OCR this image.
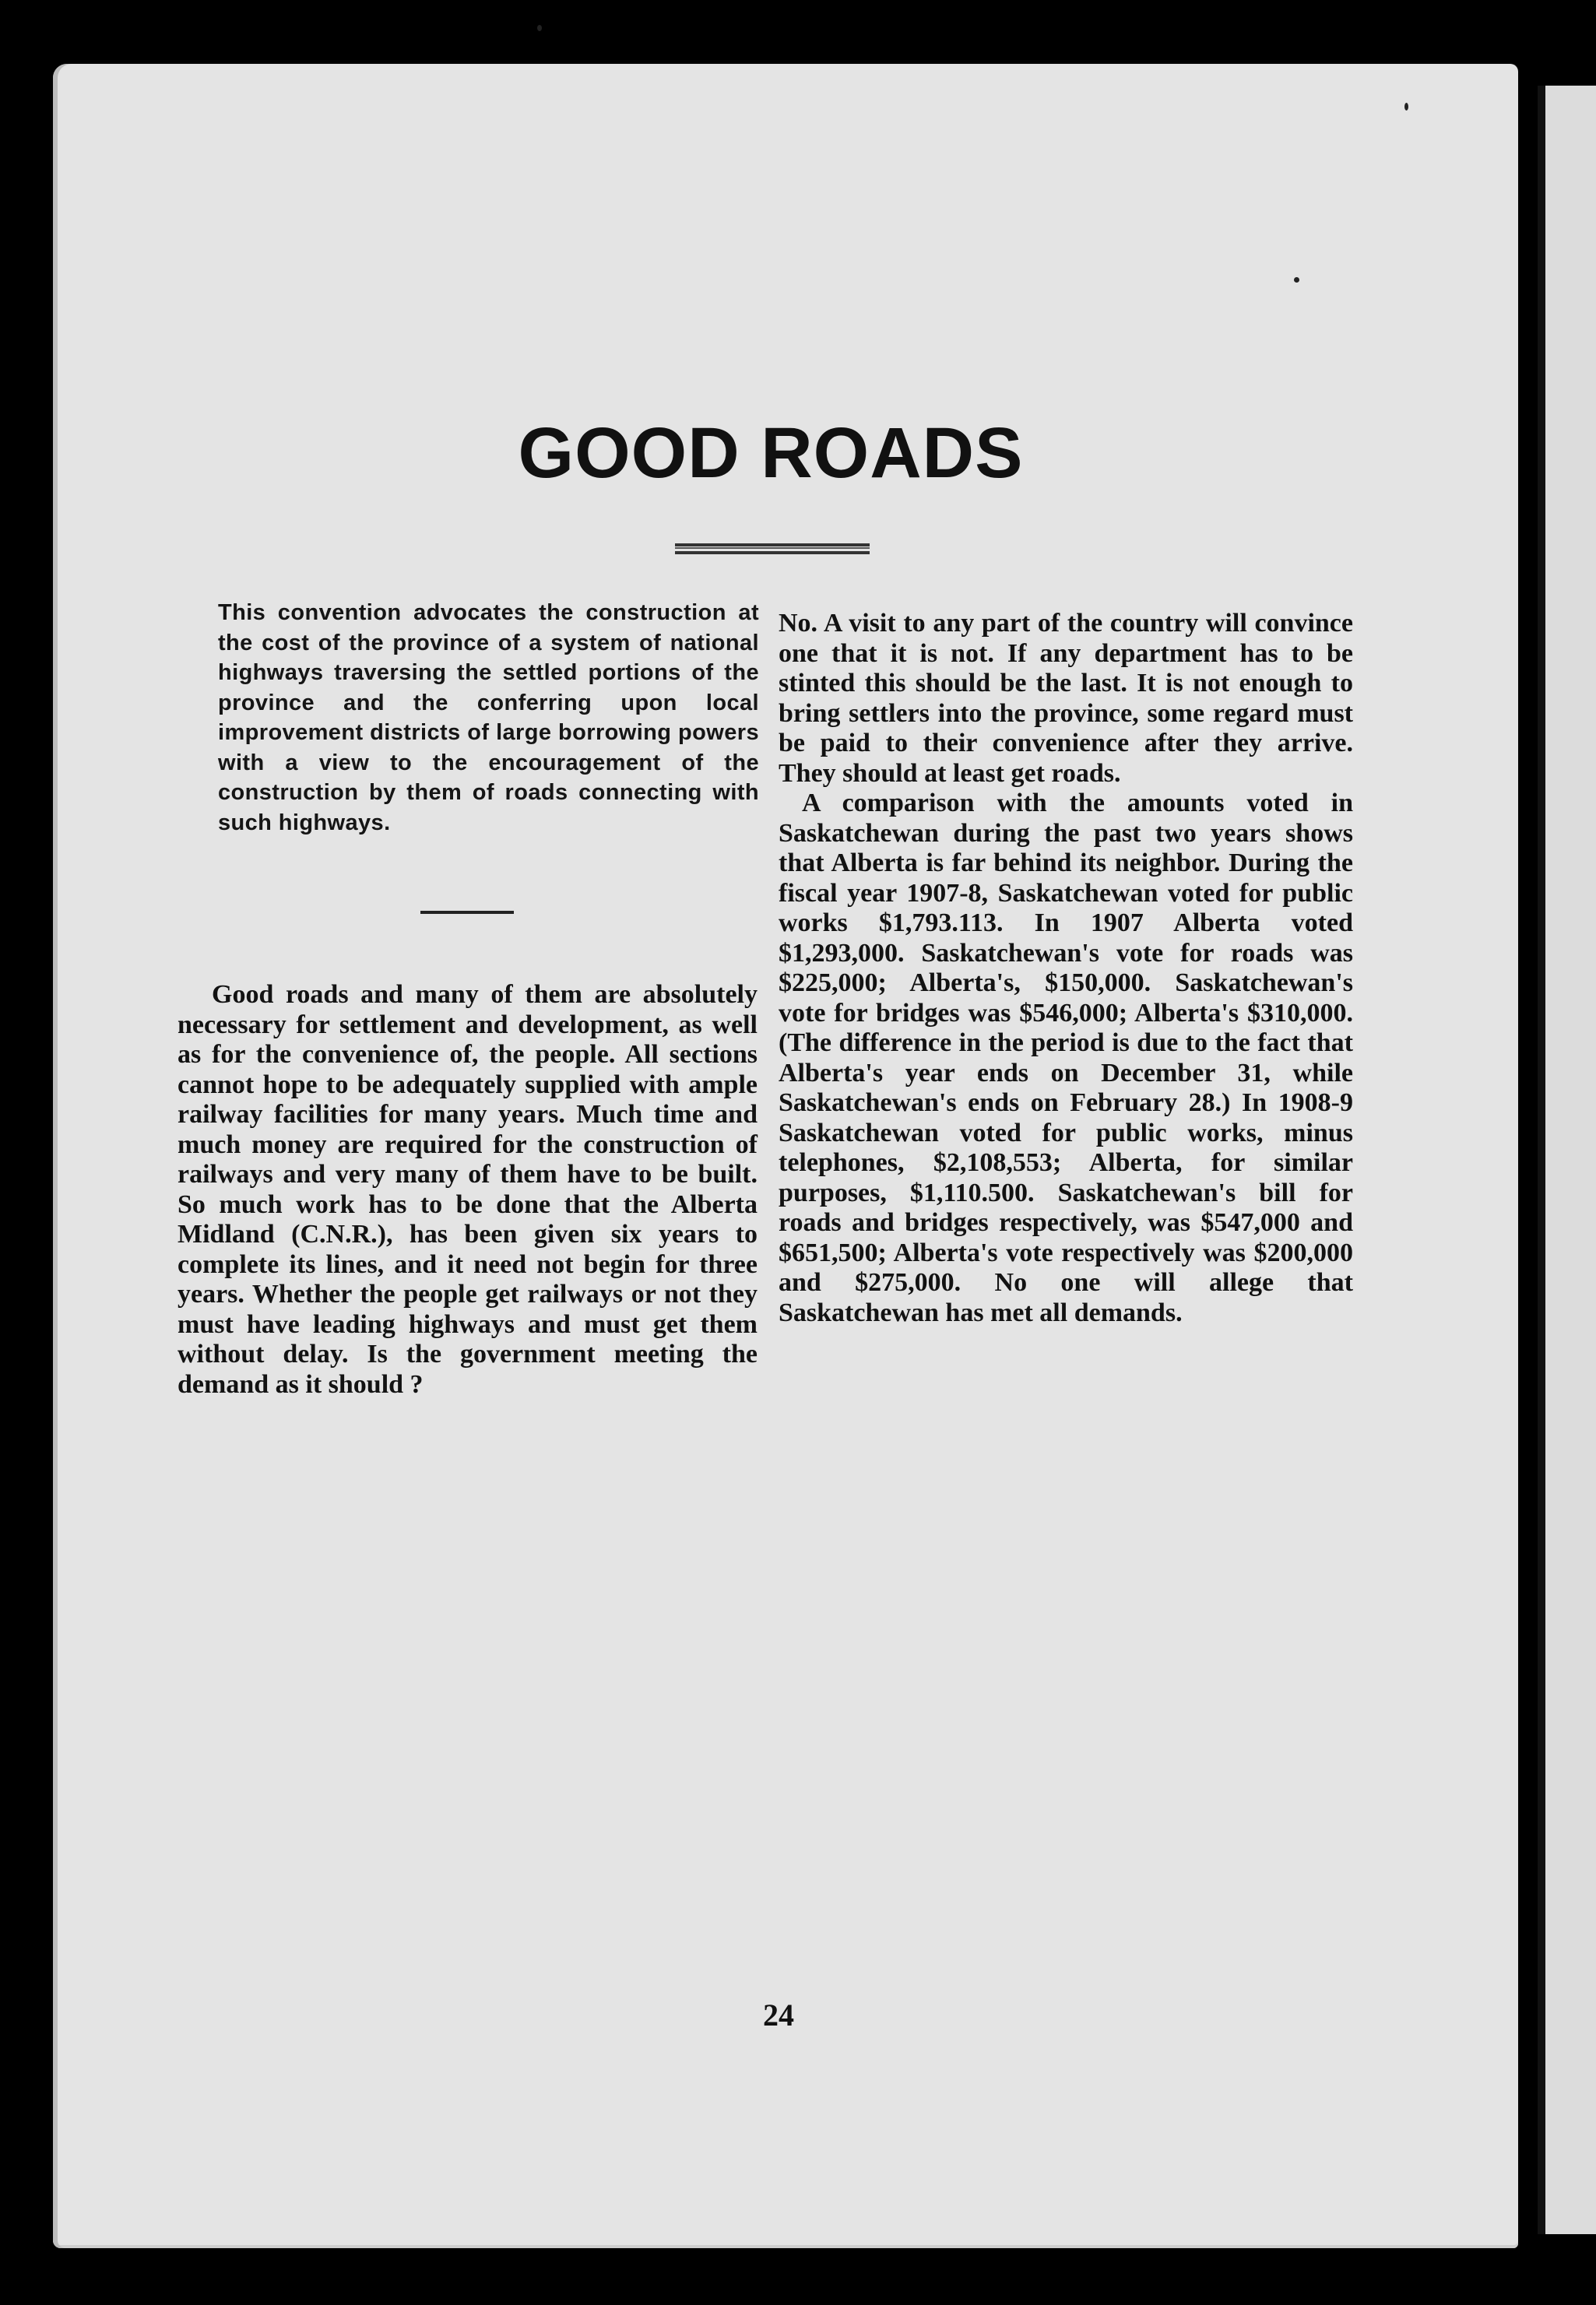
GOOD ROADS

This convention advocates the construction at the cost of the province of a system of national highways traversing the settled portions of the province and the conferring upon local improvement districts of large borrowing powers with a view to the encouragement of the construction by them of roads connecting with such highways.

Good roads and many of them are absolutely necessary for settlement and development, as well as for the convenience of, the people. All sections cannot hope to be adequately supplied with ample railway facilities for many years. Much time and much money are required for the construction of railways and very many of them have to be built. So much work has to be done that the Alberta Midland (C.N.R.), has been given six years to complete its lines, and it need not begin for three years. Whether the people get railways or not they must have leading highways and must get them without delay. Is the government meeting the demand as it should ?

No. A visit to any part of the country will convince one that it is not. If any department has to be stinted this should be the last. It is not enough to bring settlers into the province, some regard must be paid to their convenience after they arrive. They should at least get roads.

A comparison with the amounts voted in Saskatchewan during the past two years shows that Alberta is far behind its neighbor. During the fiscal year 1907-8, Saskatchewan voted for public works $1,793.113. In 1907 Alberta voted $1,293,000. Saskatchewan's vote for roads was $225,000; Alberta's, $150,000. Saskatchewan's vote for bridges was $546,000; Alberta's $310,000. (The difference in the period is due to the fact that Alberta's year ends on December 31, while Saskatchewan's ends on February 28.) In 1908-9 Saskatchewan voted for public works, minus telephones, $2,108,553; Alberta, for similar purposes, $1,110.500. Saskatchewan's bill for roads and bridges respectively, was $547,000 and $651,500; Alberta's vote respectively was $200,000 and $275,000. No one will allege that Saskatchewan has met all demands.

24
